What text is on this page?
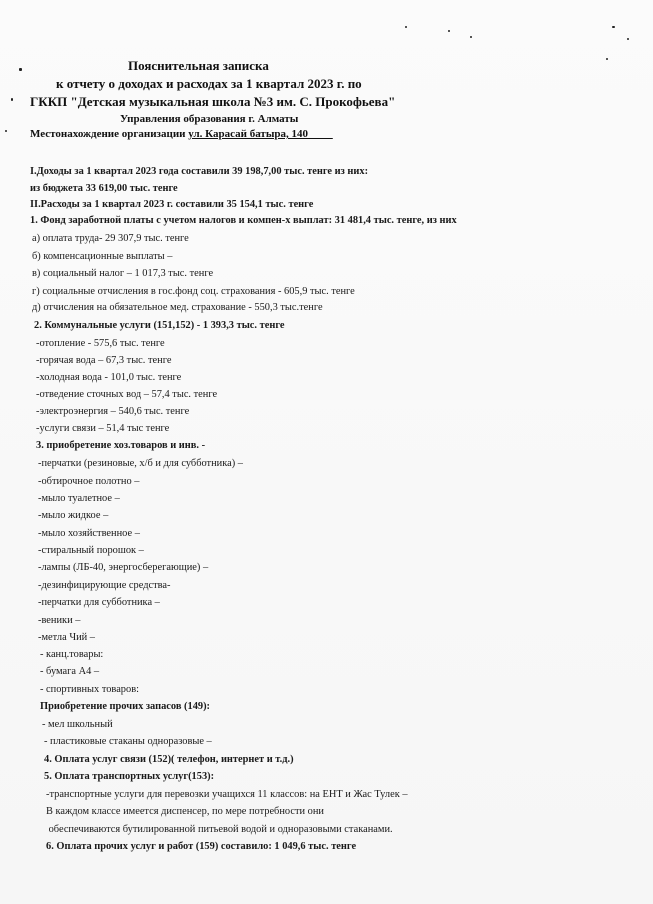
Пояснительная записка
к отчету о доходах и расходах за 1 квартал 2023 г. по
ГККП "Детская музыкальная школа №3 им. С. Прокофьева"
Управления образования г. Алматы
Местонахождение организации ул. Карасай батыра, 140
I.Доходы за 1 квартал 2023 года составили 39 198,7,00 тыс. тенге из них:
из бюджета 33 619,00 тыс. тенге
II.Расходы за 1 квартал 2023 г. составили 35 154,1 тыс. тенге
1. Фонд заработной платы с учетом налогов и компен-х выплат: 31 481,4 тыс. тенге, из них
а) оплата труда- 29 307,9 тыс. тенге
б) компенсационные выплаты –
в) социальный налог – 1 017,3 тыс. тенге
г) социальные отчисления в гос.фонд соц. страхования - 605,9 тыс. тенге
д) отчисления на обязательное мед. страхование - 550,3 тыс.тенге
2. Коммунальные услуги (151,152) - 1 393,3 тыс. тенге
-отопление - 575,6 тыс. тенге
-горячая вода – 67,3 тыс. тенге
-холодная вода - 101,0 тыс. тенге
-отведение сточных вод – 57,4 тыс. тенге
-электроэнергия – 540,6 тыс. тенге
-услуги связи – 51,4 тыс тенге
3. приобретение хоз.товаров и инв. -
-перчатки (резиновые, х/б и для субботника) –
-обтирочное полотно –
-мыло туалетное –
-мыло жидкое –
-мыло хозяйственное –
-стиральный порошок –
-лампы (ЛБ-40, энергосберегающие) –
-дезинфицирующие средства-
-перчатки для субботника –
-веники –
-метла Чий –
- канц.товары:
- бумага А4 –
- спортивных товаров:
Приобретение прочих запасов (149):
- мел школьный
- пластиковые стаканы одноразовые –
4. Оплата услуг связи (152)( телефон, интернет и т.д.)
5. Оплата транспортных услуг(153):
-транспортные услуги для перевозки учащихся 11 классов: на ЕНТ и Жас Тулек –
В каждом классе имеется диспенсер, по мере потребности они
обеспечиваются бутилированной питьевой водой и одноразовыми стаканами.
6. Оплата прочих услуг и работ (159) составило: 1 049,6 тыс. тенге
